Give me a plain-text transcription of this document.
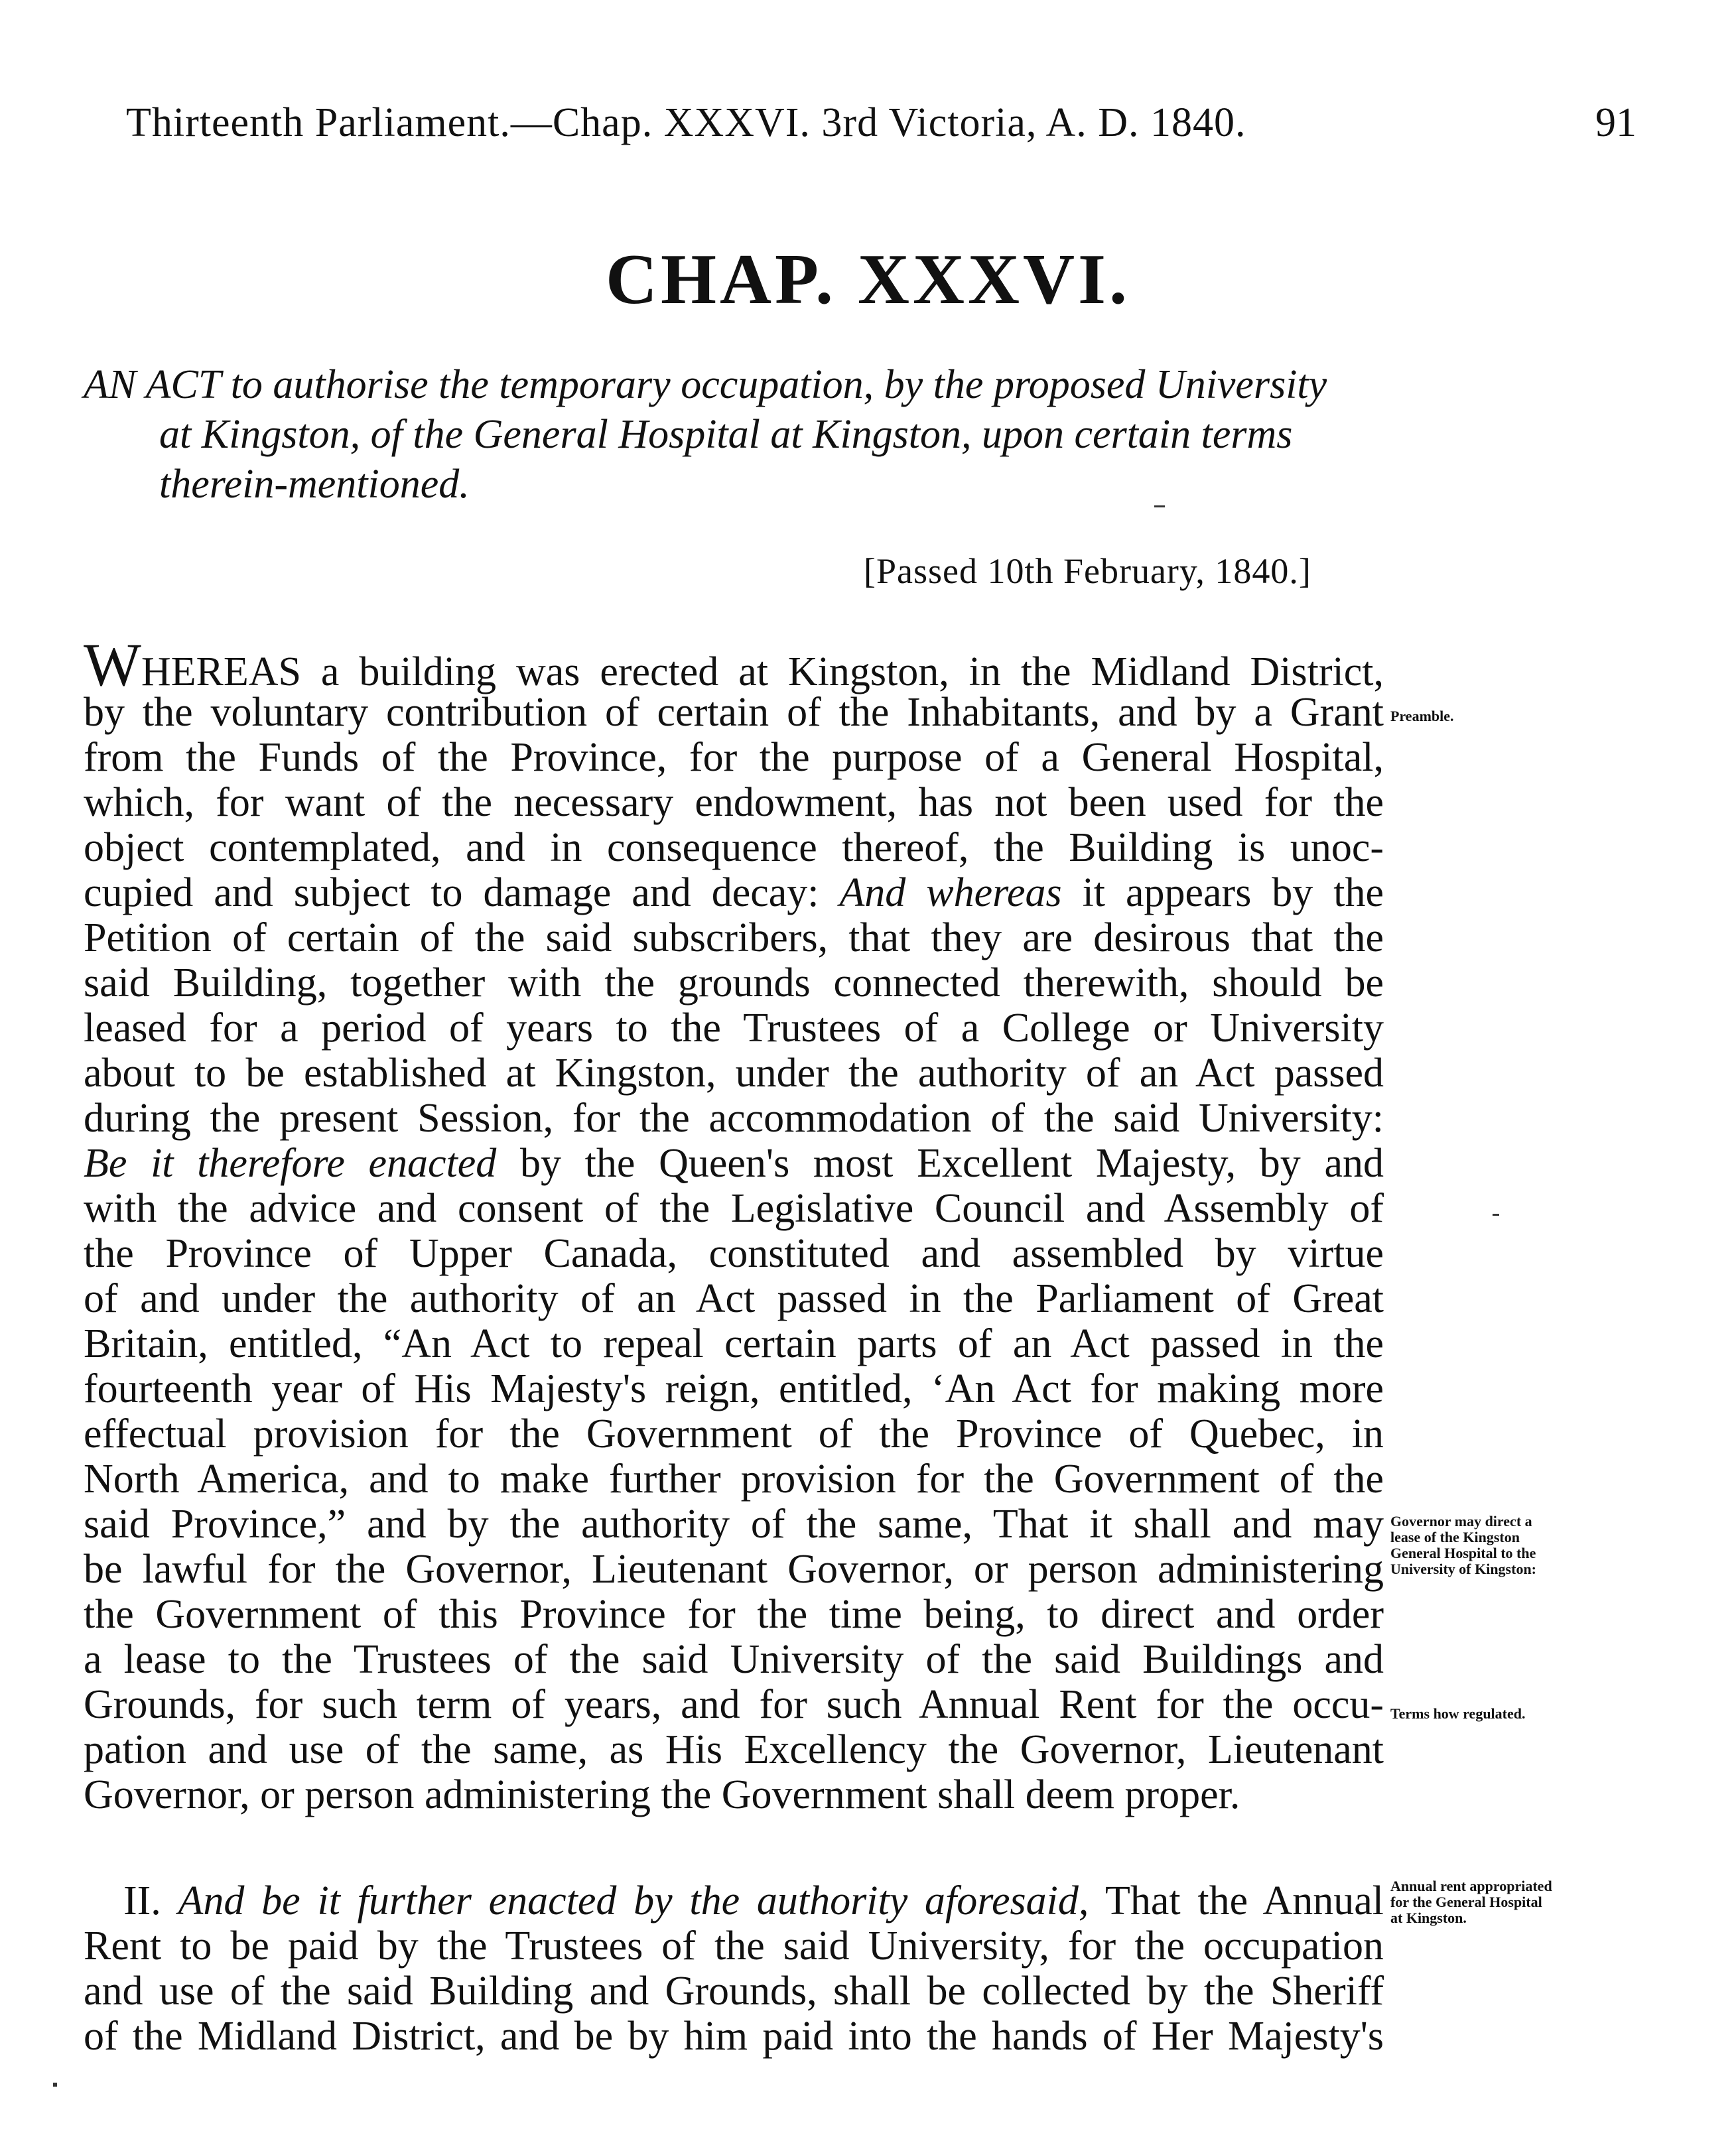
Thirteenth Parliament.—Chap. XXXVI. 3rd Victoria, A. D. 1840.	91
CHAP. XXXVI.
AN ACT to authorise the temporary occupation, by the proposed University
at Kingston, of the General Hospital at Kingston, upon certain terms
therein-mentioned.
[Passed 10th February, 1840.]
WHEREAS a building was erected at Kingston, in the Midland District,
by the voluntary contribution of certain of the Inhabitants, and by a Grant
from the Funds of the Province, for the purpose of a General Hospital,
which, for want of the necessary endowment, has not been used for the
object contemplated, and in consequence thereof, the Building is unoc-
cupied and subject to damage and decay: And whereas it appears by the
Petition of certain of the said subscribers, that they are desirous that the
said Building, together with the grounds connected therewith, should be
leased for a period of years to the Trustees of a College or University
about to be established at Kingston, under the authority of an Act passed
during the present Session, for the accommodation of the said University:
Be it therefore enacted by the Queen's most Excellent Majesty, by and
with the advice and consent of the Legislative Council and Assembly of
the Province of Upper Canada, constituted and assembled by virtue
of and under the authority of an Act passed in the Parliament of Great
Britain, entitled, “An Act to repeal certain parts of an Act passed in the
fourteenth year of His Majesty's reign, entitled, ‘An Act for making more
effectual provision for the Government of the Province of Quebec, in
North America, and to make further provision for the Government of the
said Province,” and by the authority of the same, That it shall and may
be lawful for the Governor, Lieutenant Governor, or person administering
the Government of this Province for the time being, to direct and order
a lease to the Trustees of the said University of the said Buildings and
Grounds, for such term of years, and for such Annual Rent for the occu-
pation and use of the same, as His Excellency the Governor, Lieutenant
Governor, or person administering the Government shall deem proper.
II. And be it further enacted by the authority aforesaid, That the Annual
Rent to be paid by the Trustees of the said University, for the occupation
and use of the said Building and Grounds, shall be collected by the Sheriff
of the Midland District, and be by him paid into the hands of Her Majesty's
Preamble.
Governor may direct a
lease of the Kingston
General Hospital to the
University of Kingston:
Terms how regulated.
Annual rent appropriated
for the General Hospital
at Kingston.
